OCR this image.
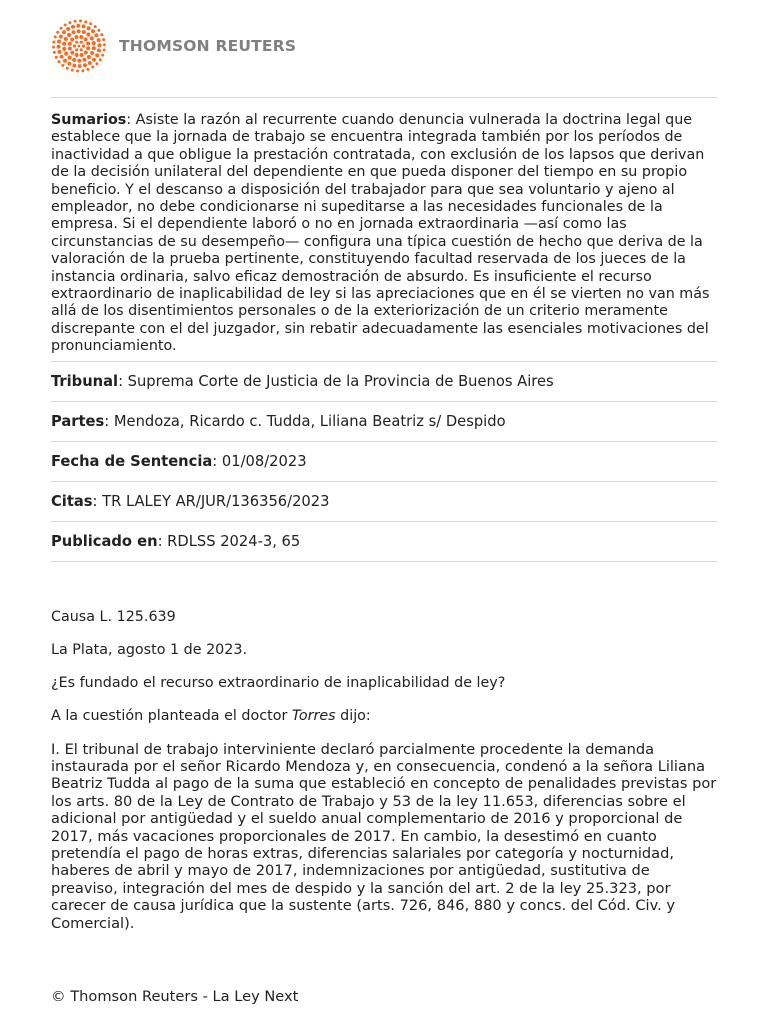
THOMSON REUTERS
Sumarios: Asiste la razón al recurrente cuando denuncia vulnerada la doctrina legal que establece que la jornada de trabajo se encuentra integrada también por los períodos de inactividad a que obligue la prestación contratada, con exclusión de los lapsos que derivan de la decisión unilateral del dependiente en que pueda disponer del tiempo en su propio beneficio. Y el descanso a disposición del trabajador para que sea voluntario y ajeno al empleador, no debe condicionarse ni supeditarse a las necesidades funcionales de la empresa. Si el dependiente laboró o no en jornada extraordinaria —así como las circunstancias de su desempeño— configura una típica cuestión de hecho que deriva de la valoración de la prueba pertinente, constituyendo facultad reservada de los jueces de la instancia ordinaria, salvo eficaz demostración de absurdo. Es insuficiente el recurso extraordinario de inaplicabilidad de ley si las apreciaciones que en él se vierten no van más allá de los disentimientos personales o de la exteriorización de un criterio meramente discrepante con el del juzgador, sin rebatir adecuadamente las esenciales motivaciones del pronunciamiento.
Tribunal: Suprema Corte de Justicia de la Provincia de Buenos Aires
Partes: Mendoza, Ricardo c. Tudda, Liliana Beatriz s/ Despido
Fecha de Sentencia: 01/08/2023
Citas: TR LALEY AR/JUR/136356/2023
Publicado en: RDLSS 2024-3, 65

Causa L. 125.639

La Plata, agosto 1 de 2023.

¿Es fundado el recurso extraordinario de inaplicabilidad de ley?

A la cuestión planteada el doctor Torres dijo:

I. El tribunal de trabajo interviniente declaró parcialmente procedente la demanda instaurada por el señor Ricardo Mendoza y, en consecuencia, condenó a la señora Liliana Beatriz Tudda al pago de la suma que estableció en concepto de penalidades previstas por los arts. 80 de la Ley de Contrato de Trabajo y 53 de la ley 11.653, diferencias sobre el adicional por antigüedad y el sueldo anual complementario de 2016 y proporcional de 2017, más vacaciones proporcionales de 2017. En cambio, la desestimó en cuanto pretendía el pago de horas extras, diferencias salariales por categoría y nocturnidad, haberes de abril y mayo de 2017, indemnizaciones por antigüedad, sustitutiva de preaviso, integración del mes de despido y la sanción del art. 2 de la ley 25.323, por carecer de causa jurídica que la sustente (arts. 726, 846, 880 y concs. del Cód. Civ. y Comercial).

© Thomson Reuters - La Ley Next
